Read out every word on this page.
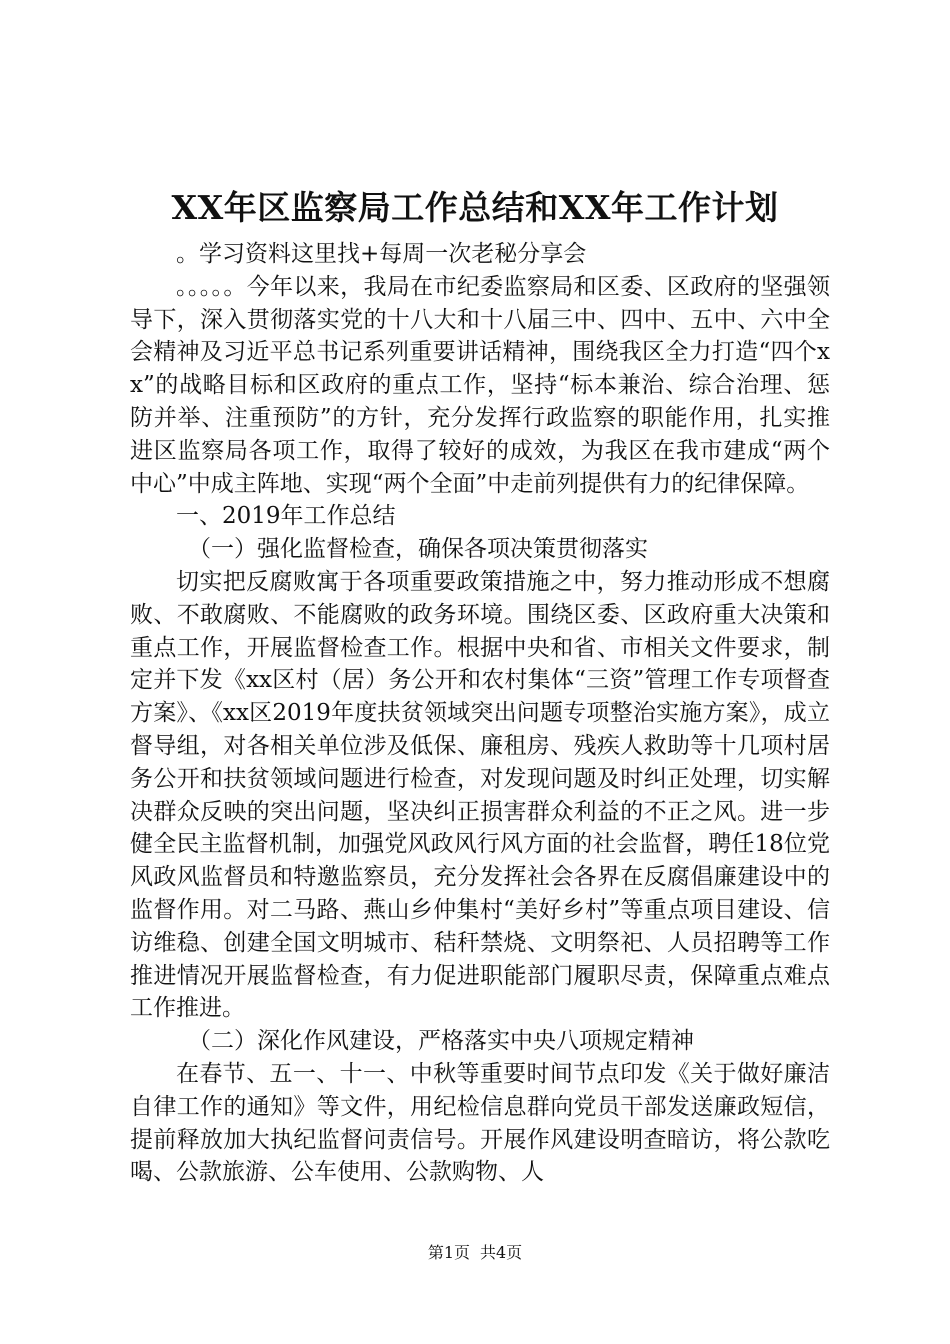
XX年区监察局工作总结和XX年工作计划

。学习资料这里找+每周一次老秘分享会

。。。。。今年以来，我局在市纪委监察局和区委、区政府的坚强领导下，深入贯彻落实党的十八大和十八届三中、四中、五中、六中全会精神及习近平总书记系列重要讲话精神，围绕我区全力打造“四个xx”的战略目标和区政府的重点工作，坚持“标本兼治、综合治理、惩防并举、注重预防”的方针，充分发挥行政监察的职能作用，扎实推进区监察局各项工作，取得了较好的成效，为我区在我市建成“两个中心”中成主阵地、实现“两个全面”中走前列提供有力的纪律保障。

一、2019年工作总结

（一）强化监督检查，确保各项决策贯彻落实

切实把反腐败寓于各项重要政策措施之中，努力推动形成不想腐败、不敢腐败、不能腐败的政务环境。围绕区委、区政府重大决策和重点工作，开展监督检查工作。根据中央和省、市相关文件要求，制定并下发《xx区村（居）务公开和农村集体“三资”管理工作专项督查方案》、《xx区2019年度扶贫领域突出问题专项整治实施方案》，成立督导组，对各相关单位涉及低保、廉租房、残疾人救助等十几项村居务公开和扶贫领域问题进行检查，对发现问题及时纠正处理，切实解决群众反映的突出问题，坚决纠正损害群众利益的不正之风。进一步健全民主监督机制，加强党风政风行风方面的社会监督，聘任18位党风政风监督员和特邀监察员，充分发挥社会各界在反腐倡廉建设中的监督作用。对二马路、燕山乡仲集村“美好乡村”等重点项目建设、信访维稳、创建全国文明城市、秸秆禁烧、文明祭祀、人员招聘等工作推进情况开展监督检查，有力促进职能部门履职尽责，保障重点难点工作推进。

（二）深化作风建设，严格落实中央八项规定精神

在春节、五一、十一、中秋等重要时间节点印发《关于做好廉洁自律工作的通知》等文件，用纪检信息群向党员干部发送廉政短信，提前释放加大执纪监督问责信号。开展作风建设明查暗访，将公款吃喝、公款旅游、公车使用、公款购物、人

第1页 共4页
